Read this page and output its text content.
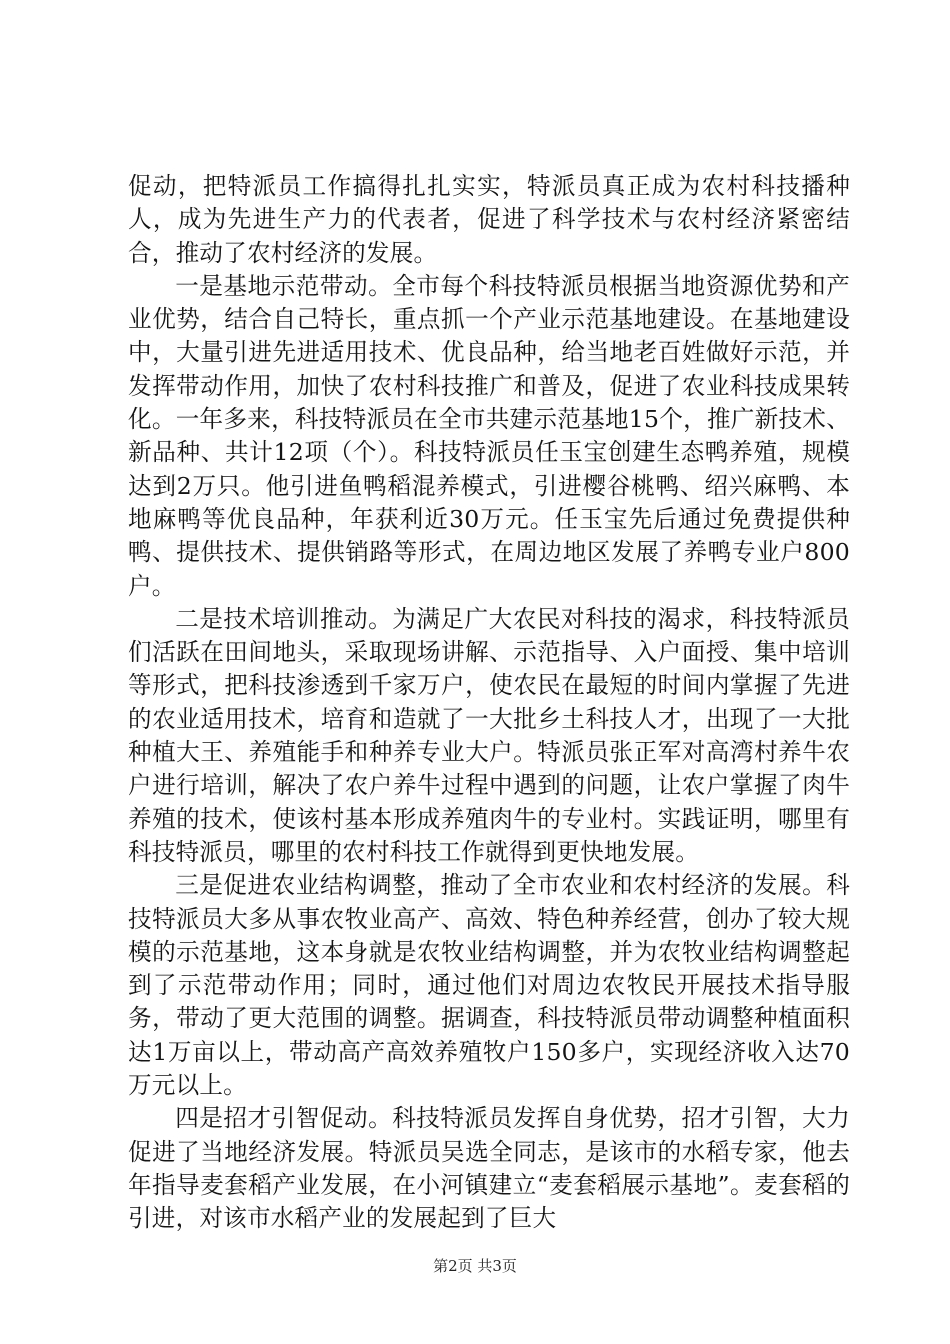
促动，把特派员工作搞得扎扎实实，特派员真正成为农村科技播种人，成为先进生产力的代表者，促进了科学技术与农村经济紧密结合，推动了农村经济的发展。

一是基地示范带动。全市每个科技特派员根据当地资源优势和产业优势，结合自己特长，重点抓一个产业示范基地建设。在基地建设中，大量引进先进适用技术、优良品种，给当地老百姓做好示范，并发挥带动作用，加快了农村科技推广和普及，促进了农业科技成果转化。一年多来，科技特派员在全市共建示范基地15个，推广新技术、新品种、共计12项（个）。科技特派员任玉宝创建生态鸭养殖，规模达到2万只。他引进鱼鸭稻混养模式，引进樱谷桃鸭、绍兴麻鸭、本地麻鸭等优良品种，年获利近30万元。任玉宝先后通过免费提供种鸭、提供技术、提供销路等形式，在周边地区发展了养鸭专业户800户。

二是技术培训推动。为满足广大农民对科技的渴求，科技特派员们活跃在田间地头，采取现场讲解、示范指导、入户面授、集中培训等形式，把科技渗透到千家万户，使农民在最短的时间内掌握了先进的农业适用技术，培育和造就了一大批乡土科技人才，出现了一大批种植大王、养殖能手和种养专业大户。特派员张正军对高湾村养牛农户进行培训，解决了农户养牛过程中遇到的问题，让农户掌握了肉牛养殖的技术，使该村基本形成养殖肉牛的专业村。实践证明，哪里有科技特派员，哪里的农村科技工作就得到更快地发展。

三是促进农业结构调整，推动了全市农业和农村经济的发展。科技特派员大多从事农牧业高产、高效、特色种养经营，创办了较大规模的示范基地，这本身就是农牧业结构调整，并为农牧业结构调整起到了示范带动作用；同时，通过他们对周边农牧民开展技术指导服务，带动了更大范围的调整。据调查，科技特派员带动调整种植面积达1万亩以上，带动高产高效养殖牧户150多户，实现经济收入达70万元以上。

四是招才引智促动。科技特派员发挥自身优势，招才引智，大力促进了当地经济发展。特派员吴选全同志，是该市的水稻专家，他去年指导麦套稻产业发展，在小河镇建立“麦套稻展示基地”。麦套稻的引进，对该市水稻产业的发展起到了巨大

第2页 共3页
